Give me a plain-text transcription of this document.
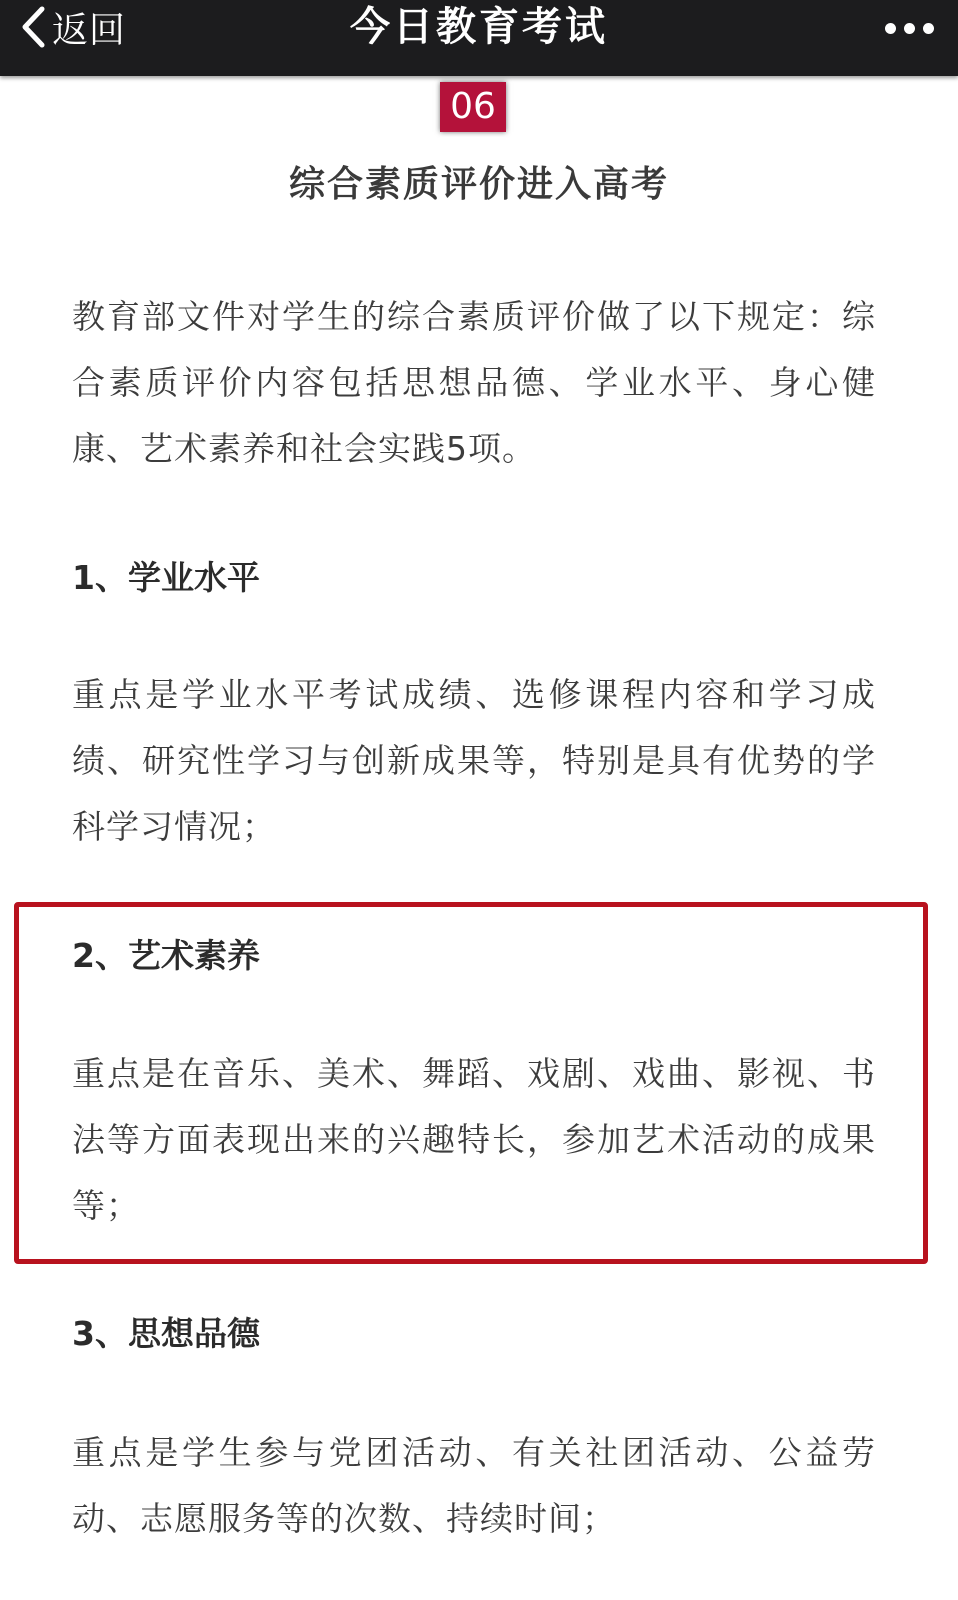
返回	今日教育考试
06
综合素质评价进入高考

教育部文件对学生的综合素质评价做了以下规定：综合素质评价内容包括思想品德、学业水平、身心健康、艺术素养和社会实践5项。

1、学业水平

重点是学业水平考试成绩、选修课程内容和学习成绩、研究性学习与创新成果等，特别是具有优势的学科学习情况；

2、艺术素养

重点是在音乐、美术、舞蹈、戏剧、戏曲、影视、书法等方面表现出来的兴趣特长，参加艺术活动的成果等；

3、思想品德

重点是学生参与党团活动、有关社团活动、公益劳动、志愿服务等的次数、持续时间；
